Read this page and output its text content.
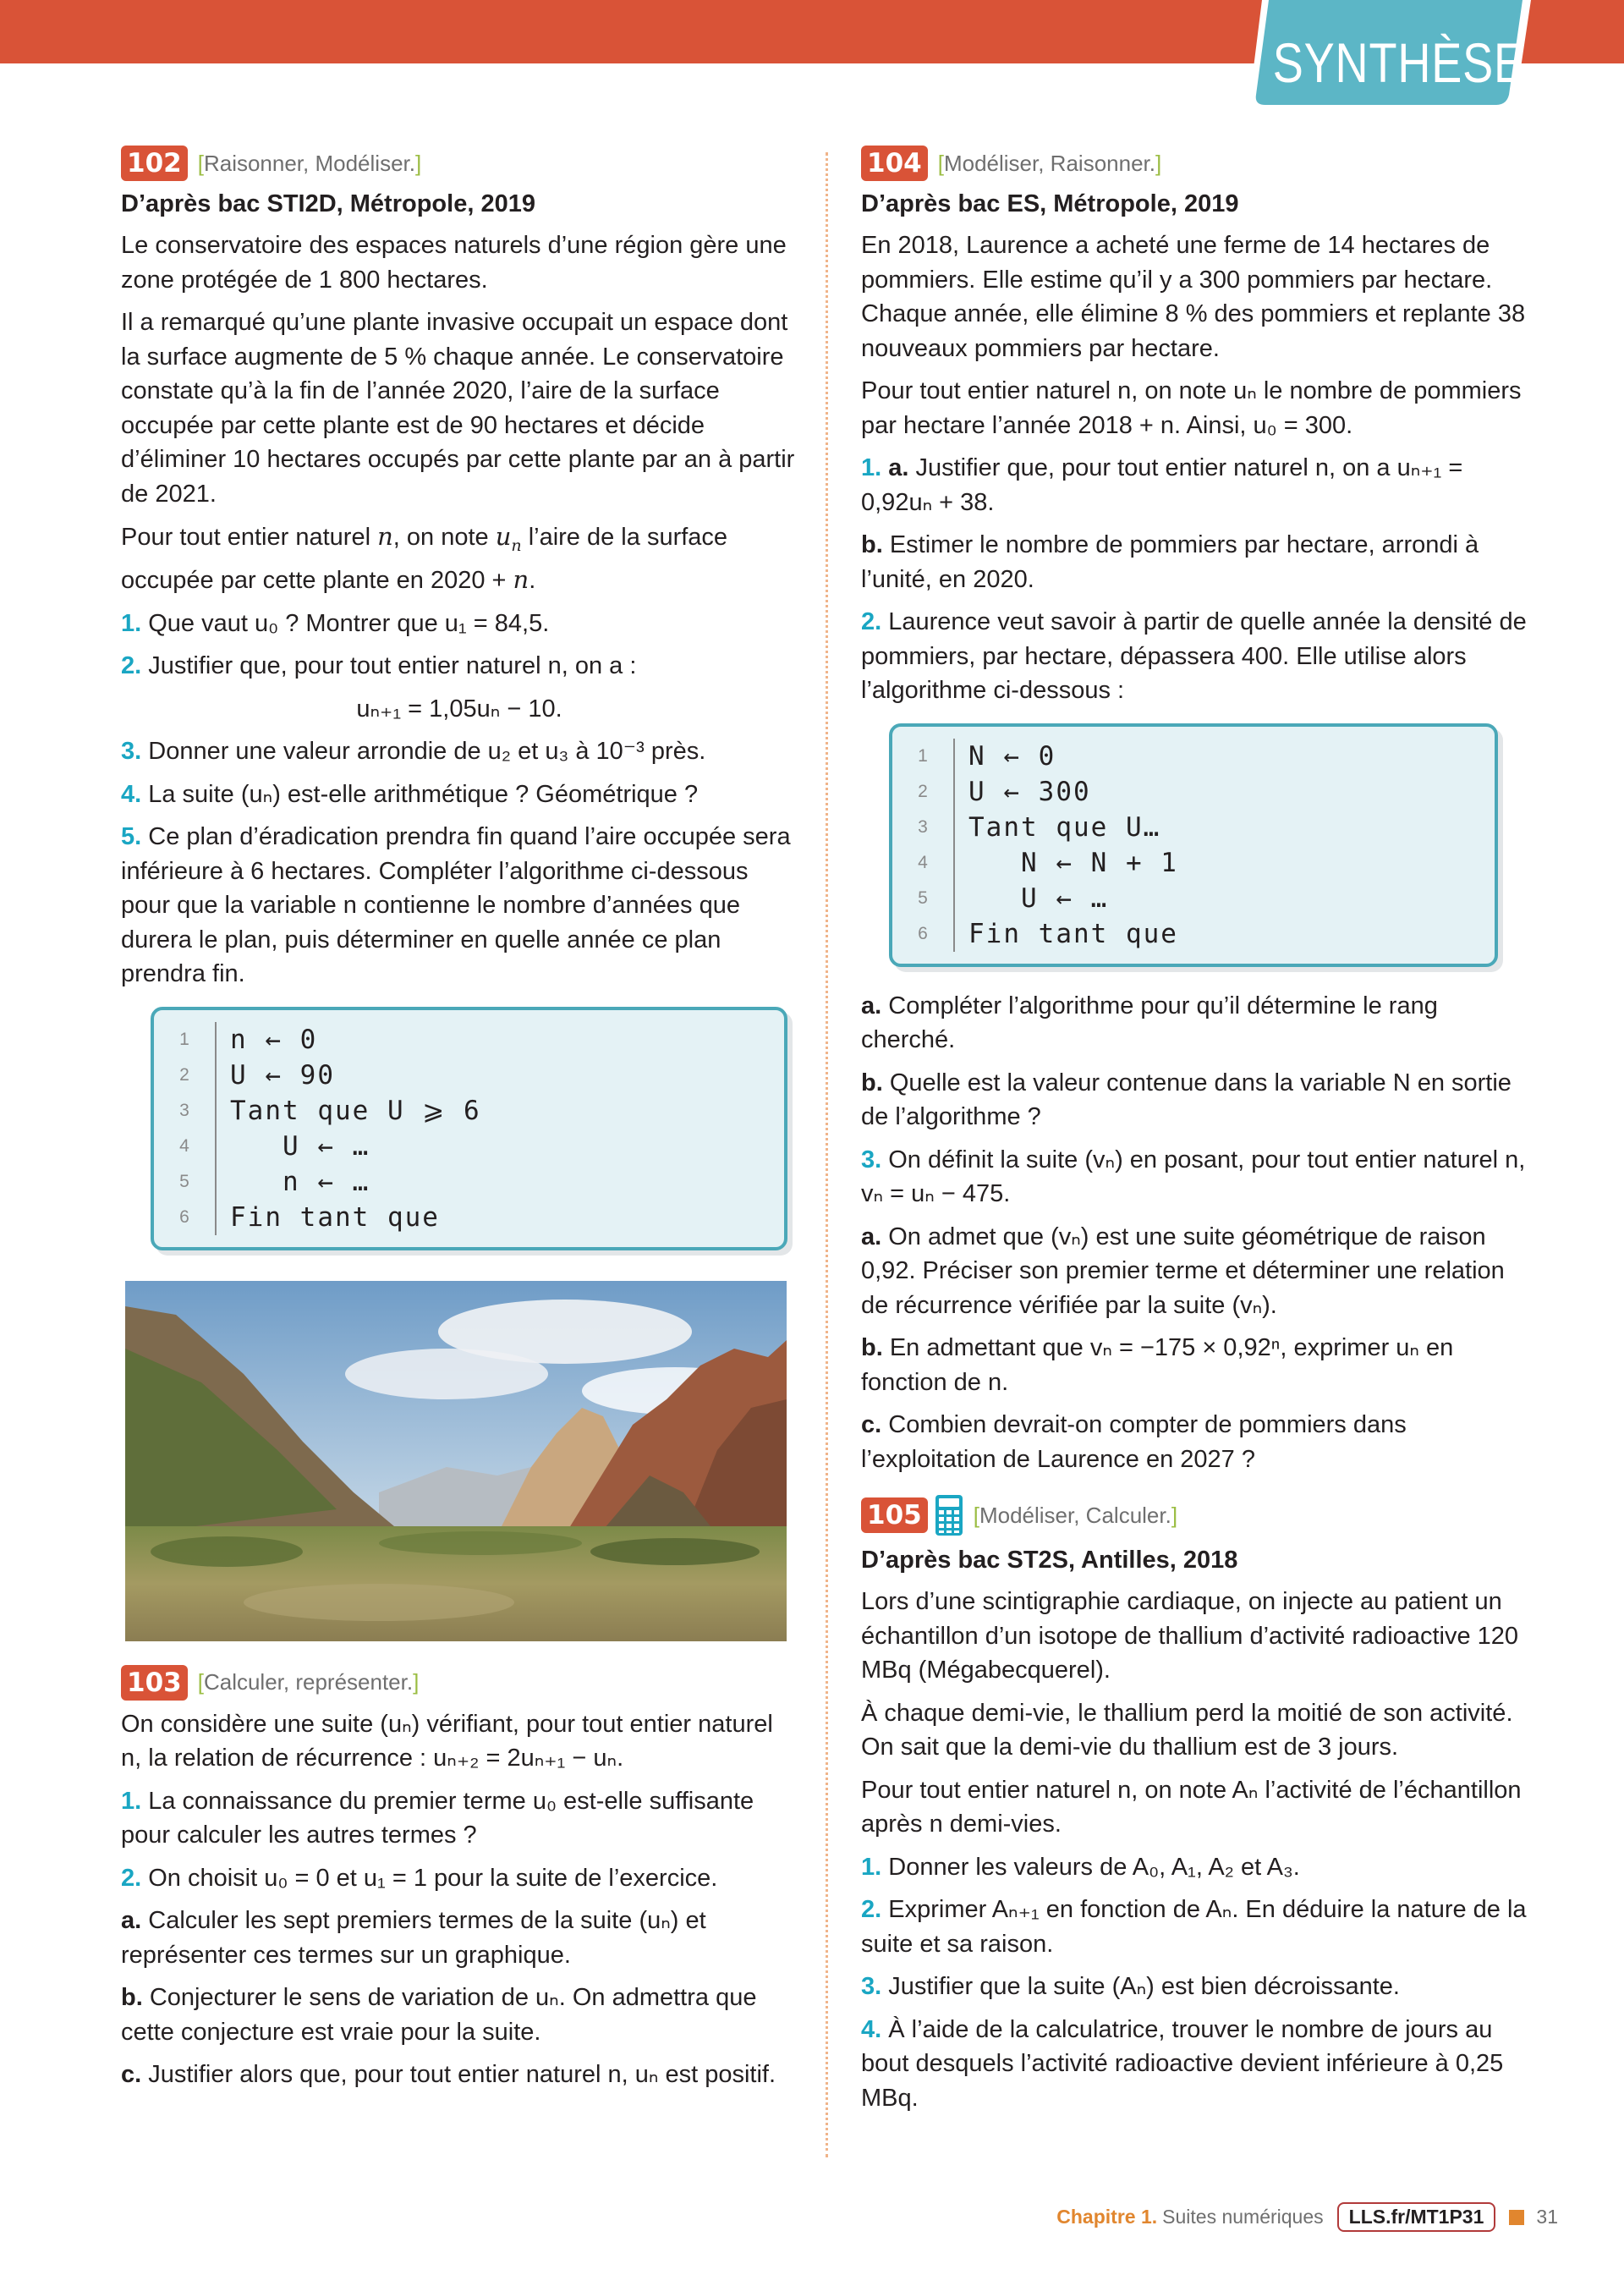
SYNTHÈSE
102 [Raisonner, Modéliser.]
D’après bac STI2D, Métropole, 2019

Le conservatoire des espaces naturels d’une région gère une zone protégée de 1 800 hectares.

Il a remarqué qu’une plante invasive occupait un espace dont la surface augmente de 5 % chaque année. Le conservatoire constate qu’à la fin de l’année 2020, l’aire de la surface occupée par cette plante est de 90 hectares et décide d’éliminer 10 hectares occupés par cette plante par an à partir de 2021.

Pour tout entier naturel n, on note $u_n$ l’aire de la surface occupée par cette plante en 2020 + n.

1. Que vaut u₀ ? Montrer que u₁ = 84,5.

2. Justifier que, pour tout entier naturel n, on a :

uₙ₊₁ = 1,05uₙ − 10.

3. Donner une valeur arrondie de u₂ et u₃ à 10⁻³ près.

4. La suite (uₙ) est-elle arithmétique ? Géométrique ?

5. Ce plan d’éradication prendra fin quand l’aire occupée sera inférieure à 6 hectares. Compléter l’algorithme ci-dessous pour que la variable n contienne le nombre d’années que durera le plan, puis déterminer en quelle année ce plan prendra fin.

1	n ← 0
2	U ← 90
3	Tant que U ⩾ 6
4	U ← …
5	n ← …
6	Fin tant que
103 [Calculer, représenter.]

On considère une suite (uₙ) vérifiant, pour tout entier naturel n, la relation de récurrence : uₙ₊₂ = 2uₙ₊₁ − uₙ.

1. La connaissance du premier terme u₀ est-elle suffisante pour calculer les autres termes ?

2. On choisit u₀ = 0 et u₁ = 1 pour la suite de l’exercice.

a. Calculer les sept premiers termes de la suite (uₙ) et représenter ces termes sur un graphique.

b. Conjecturer le sens de variation de uₙ. On admettra que cette conjecture est vraie pour la suite.

c. Justifier alors que, pour tout entier naturel n, uₙ est positif.

104 [Modéliser, Raisonner.]
D’après bac ES, Métropole, 2019

En 2018, Laurence a acheté une ferme de 14 hectares de pommiers. Elle estime qu’il y a 300 pommiers par hectare. Chaque année, elle élimine 8 % des pommiers et replante 38 nouveaux pommiers par hectare.

Pour tout entier naturel n, on note uₙ le nombre de pommiers par hectare l’année 2018 + n. Ainsi, u₀ = 300.

1. a. Justifier que, pour tout entier naturel n, on a uₙ₊₁ = 0,92uₙ + 38.

b. Estimer le nombre de pommiers par hectare, arrondi à l’unité, en 2020.

2. Laurence veut savoir à partir de quelle année la densité de pommiers, par hectare, dépassera 400. Elle utilise alors l’algorithme ci-dessous :

1	N ← 0
2	U ← 300
3	Tant que U…
4	N ← N + 1
5	U ← …
6	Fin tant que

a. Compléter l’algorithme pour qu’il détermine le rang cherché.

b. Quelle est la valeur contenue dans la variable N en sortie de l’algorithme ?

3. On définit la suite (vₙ) en posant, pour tout entier naturel n, vₙ = uₙ − 475.

a. On admet que (vₙ) est une suite géométrique de raison 0,92. Préciser son premier terme et déterminer une relation de récurrence vérifiée par la suite (vₙ).

b. En admettant que vₙ = −175 × 0,92ⁿ, exprimer uₙ en fonction de n.

c. Combien devrait-on compter de pommiers dans l’exploitation de Laurence en 2027 ?

105 [Modéliser, Calculer.]
D’après bac ST2S, Antilles, 2018

Lors d’une scintigraphie cardiaque, on injecte au patient un échantillon d’un isotope de thallium d’activité radioactive 120 MBq (Mégabecquerel).

À chaque demi-vie, le thallium perd la moitié de son activité. On sait que la demi-vie du thallium est de 3 jours.

Pour tout entier naturel n, on note Aₙ l’activité de l’échantillon après n demi-vies.

1. Donner les valeurs de A₀, A₁, A₂ et A₃.

2. Exprimer Aₙ₊₁ en fonction de Aₙ. En déduire la nature de la suite et sa raison.

3. Justifier que la suite (Aₙ) est bien décroissante.

4. À l’aide de la calculatrice, trouver le nombre de jours au bout desquels l’activité radioactive devient inférieure à 0,25 MBq.

Chapitre 1. Suites numériques	LLS.fr/MT1P31	31
